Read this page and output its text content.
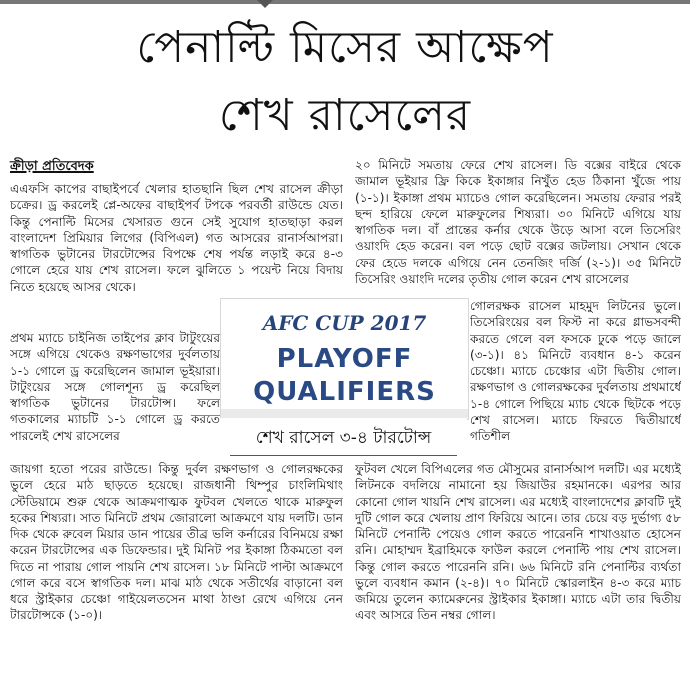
পেনাল্টি মিসের আক্ষেপ
শেখ রাসেলের
ক্রীড়া প্রতিবেদক

এএফসি কাপের বাছাইপর্বে খেলার হাতছানি ছিল শেখ রাসেল ক্রীড়া চক্রের। ড্র করলেই প্লে-অফের বাছাইপর্ব টপকে পরবর্তী রাউন্ডে যেত। কিন্তু পেনাল্টি মিসের খেসারত গুনে সেই সুযোগ হাতছাড়া করল বাংলাদেশ প্রিমিয়ার লিগের (বিপিএল) গত আসরের রানার্সআপরা। স্বাগতিক ভুটানের টারটোন্সের বিপক্ষে শেষ পর্যন্ত লড়াই করে ৪-৩ গোলে হেরে যায় শেখ রাসেল। ফলে ঝুলিতে ১ পয়েন্ট নিয়ে বিদায় নিতে হয়েছে আসর থেকে।

প্রথম ম্যাচে চাইনিজ তাইপের ক্লাব টাটুংয়ের সঙ্গে এগিয়ে থেকেও রক্ষণভাগের দুর্বলতায় ১-১ গোলে ড্র করেছিলেন জামাল ভূইয়ারা। টাটুংয়ের সঙ্গে গোলশূন্য ড্র করেছিল স্বাগতিক ভুটানের টারটোন্স। ফলে গতকালের ম্যাচটি ১-১ গোলে ড্র করতে পারলেই শেখ রাসেলের

জায়গা হতো পরের রাউন্ডে। কিন্তু দুর্বল রক্ষণভাগ ও গোলরক্ষকের ভুলে হেরে মাঠ ছাড়তে হয়েছে। রাজধানী থিম্পুর চাংলিমিথাং স্টেডিয়ামে শুরু থেকে আক্রমণাত্মক ফুটবল খেলতে থাকে মারুফুল হকের শিষ্যরা। সাত মিনিটে প্রথম জোরালো আক্রমণে যায় দলটি। ডান দিক থেকে রুবেল মিয়ার ডান পায়ের তীব্র ভলি কর্নারের বিনিময়ে রক্ষা করেন টারটোন্সের এক ডিফেন্ডার। দুই মিনিট পর ইকাঙ্গা ঠিকমতো বল দিতে না পারায় গোল পায়নি শেখ রাসেল। ১৮ মিনিটে পাল্টা আক্রমণে গোল করে বসে স্বাগতিক দল। মাঝ মাঠ থেকে সতীর্থের বাড়ানো বল ধরে স্ট্রাইকার চেঞ্চো গাইয়েলতসেন মাথা ঠাণ্ডা রেখে এগিয়ে নেন টারটোন্সকে (১-০)।

২০ মিনিটে সমতায় ফেরে শেখ রাসেল। ডি বক্সের বাইরে থেকে জামাল ভূইয়ার ফ্রি কিকে ইকাঙ্গার নিখুঁত হেড ঠিকানা খুঁজে পায় (১-১)। ইকাঙ্গা প্রথম ম্যাচেও গোল করেছিলেন। সমতায় ফেরার পরই ছন্দ হারিয়ে ফেলে মারুফুলের শিষ্যরা। ৩০ মিনিটে এগিয়ে যায় স্বাগতিক দল। বাঁ প্রান্তের কর্নার থেকে উড়ে আসা বলে তিসেরিং ওয়াংদি হেড করেন। বল পড়ে ছোট বক্সের জটলায়। সেখান থেকে ফের হেডে দলকে এগিয়ে নেন তেনজিং দর্জি (২-১)। ৩৫ মিনিটে তিসেরিং ওয়াংদি দলের তৃতীয় গোল করেন শেখ রাসেলের

গোলরক্ষক রাসেল মাহমুদ লিটনের ভুলে। তিসেরিংয়ের বল ফিস্ট না করে গ্লাভসবন্দী করতে গেলে বল ফসকে ঢুকে পড়ে জালে (৩-১)। ৪১ মিনিটে ব্যবধান ৪-১ করেন চেঞ্চো। ম্যাচে চেঞ্চোর এটা দ্বিতীয় গোল। রক্ষণভাগ ও গোলরক্ষকের দুর্বলতায় প্রথমার্ধে ১-৪ গোলে পিছিয়ে ম্যাচ থেকে ছিটকে পড়ে শেখ রাসেল। ম্যাচে ফিরতে দ্বিতীয়ার্ধে গতিশীল

ফুটবল খেলে বিপিএলের গত মৌসুমের রানার্সআপ দলটি। এর মধ্যেই লিটনকে বদলিয়ে নামানো হয় জিয়াউর রহমানকে। এরপর আর কোনো গোল খায়নি শেখ রাসেল। এর মধ্যেই বাংলাদেশের ক্লাবটি দুই দুটি গোল করে খেলায় প্রাণ ফিরিয়ে আনে। তার চেয়ে বড় দুর্ভাগ্য ৫৮ মিনিটে পেনাল্টি পেয়েও গোল করতে পারেননি শাখাওয়াত হোসেন রনি। মোহাম্মদ ইব্রাহিমকে ফাউল করলে পেনাল্টি পায় শেখ রাসেল। কিন্তু গোল করতে পারেননি রনি। ৬৬ মিনিটে রনি পেনাল্টির ব্যর্থতা ভুলে ব্যবধান কমান (২-৪)। ৭০ মিনিটে স্কোরলাইন ৪-৩ করে ম্যাচ জমিয়ে তুলেন ক্যামেরুনের স্ট্রাইকার ইকাঙ্গা। ম্যাচে এটা তার দ্বিতীয় এবং আসরে তিন নম্বর গোল।

AFC CUP 2017
PLAYOFF
QUALIFIERS
শেখ রাসেল ৩-৪ টারটোন্স
